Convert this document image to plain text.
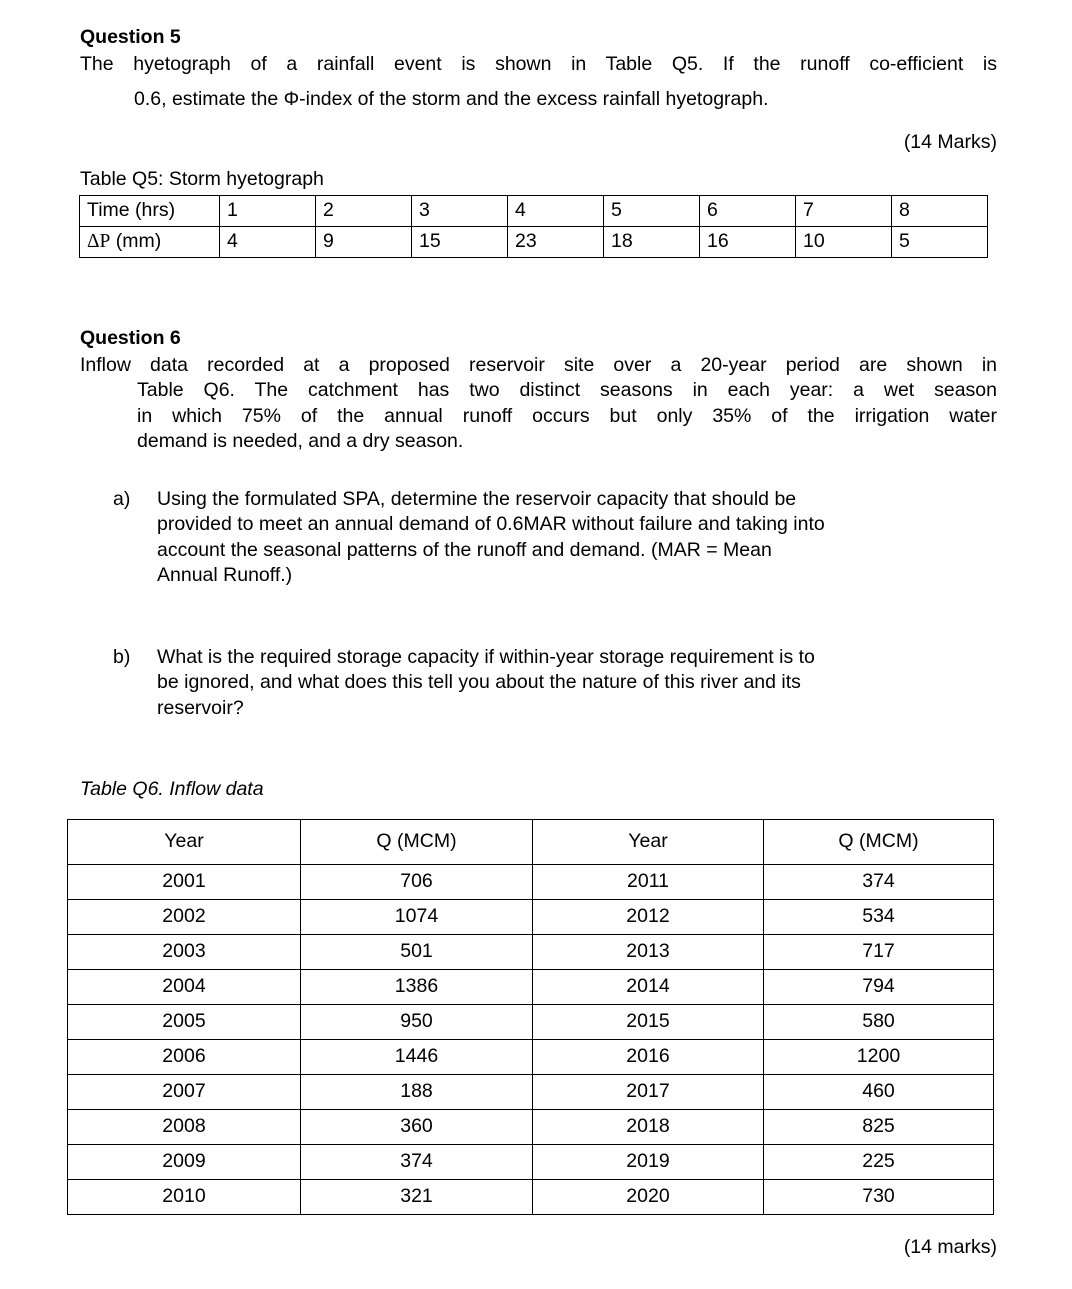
Question 5
The hyetograph of a rainfall event is shown in Table Q5. If the runoff co-efficient is
0.6, estimate the Φ-index of the storm and the excess rainfall hyetograph.
(14 Marks)
Table Q5: Storm hyetograph
Time (hrs)	1	2	3	4	5	6	7	8
ΔP (mm)	4	9	15	23	18	16	10	5
Question 6
Inflow data recorded at a proposed reservoir site over a 20-year period are shown in
Table Q6. The catchment has two distinct seasons in each year: a wet season
in which 75% of the annual runoff occurs but only 35% of the irrigation water
demand is needed, and a dry season.
a)	Using the formulated SPA, determine the reservoir capacity that should be
provided to meet an annual demand of 0.6MAR without failure and taking into
account the seasonal patterns of the runoff and demand. (MAR = Mean
Annual Runoff.)
b)	What is the required storage capacity if within-year storage requirement is to
be ignored, and what does this tell you about the nature of this river and its
reservoir?
Table Q6. Inflow data
Year	Q (MCM)	Year	Q (MCM)
2001	706	2011	374
2002	1074	2012	534
2003	501	2013	717
2004	1386	2014	794
2005	950	2015	580
2006	1446	2016	1200
2007	188	2017	460
2008	360	2018	825
2009	374	2019	225
2010	321	2020	730
(14 marks)
